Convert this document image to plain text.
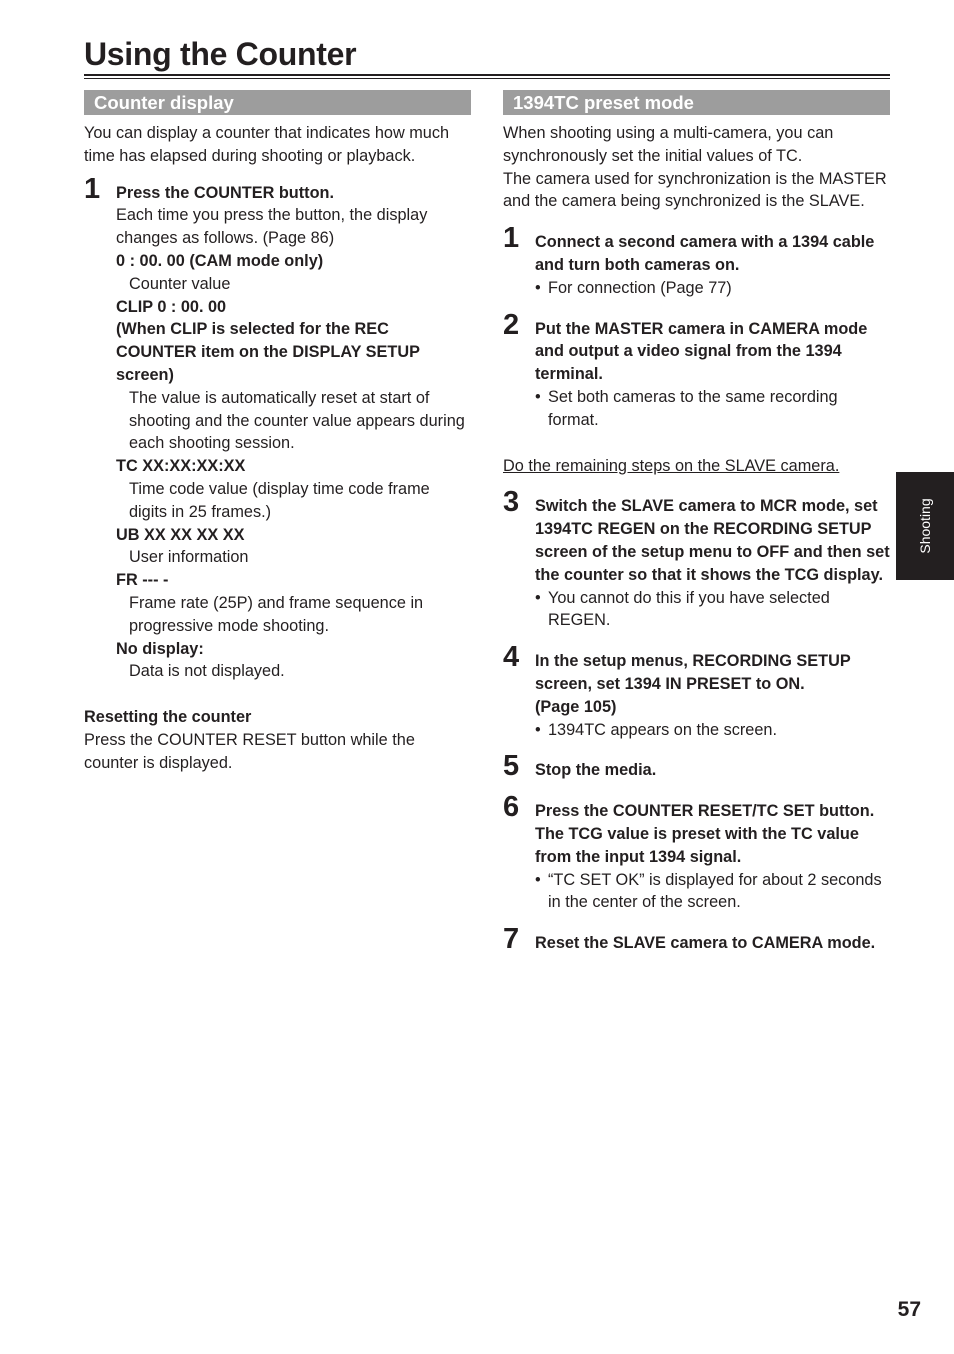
Using the Counter
Counter display

You can display a counter that indicates how much time has elapsed during shooting or playback.

1 Press the COUNTER button.

Each time you press the button, the display changes as follows. (Page 86)

0 : 00. 00 (CAM mode only)

Counter value

CLIP 0 : 00. 00
(When CLIP is selected for the REC COUNTER item on the DISPLAY SETUP screen)

The value is automatically reset at start of shooting and the counter value appears during each shooting session.

TC XX:XX:XX:XX

Time code value (display time code frame digits in 25 frames.)

UB XX XX XX XX

User information

FR --- -

Frame rate (25P) and frame sequence in progressive mode shooting.

No display:

Data is not displayed.

Resetting the counter

Press the COUNTER RESET button while the counter is displayed.

1394TC preset mode

When shooting using a multi-camera, you can synchronously set the initial values of TC.

The camera used for synchronization is the MASTER and the camera being synchronized is the SLAVE.

1 Connect a second camera with a 1394 cable and turn both cameras on.

• For connection (Page 77)

2 Put the MASTER camera in CAMERA mode and output a video signal from the 1394 terminal.

• Set both cameras to the same recording format.

Do the remaining steps on the SLAVE camera.

3 Switch the SLAVE camera to MCR mode, set 1394TC REGEN on the RECORDING SETUP screen of the setup menu to OFF and then set the counter so that it shows the TCG display.

• You cannot do this if you have selected REGEN.

4 In the setup menus, RECORDING SETUP screen, set 1394 IN PRESET to ON.
(Page 105)

• 1394TC appears on the screen.

5 Stop the media.

6 Press the COUNTER RESET/TC SET button. The TCG value is preset with the TC value from the input 1394 signal.

• “TC SET OK” is displayed for about 2 seconds in the center of the screen.

7 Reset the SLAVE camera to CAMERA mode.

Shooting
57
